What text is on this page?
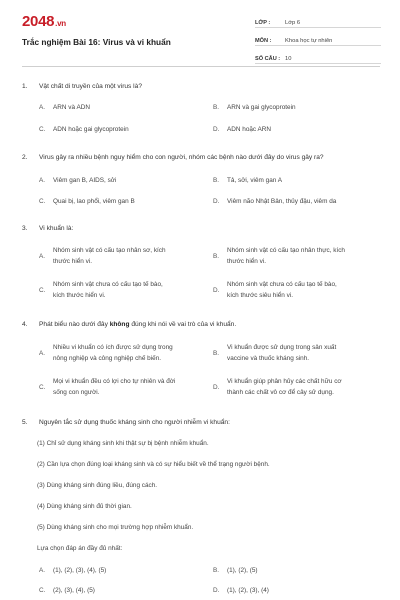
2048.vn
Trắc nghiệm Bài 16: Virus và vi khuẩn
LỚP :	Lớp 6
MÔN :	Khoa học tự nhiên
SỐ CÂU : 10
1. Vật chất di truyền của một virus là?
A. ARN và ADN	B. ARN và gai glycoprotein
C. ADN hoặc gai glycoprotein	D. ADN hoặc ARN
2. Virus gây ra nhiều bệnh nguy hiểm cho con người, nhóm các bệnh nào dưới đây do virus gây ra?
A. Viêm gan B, AIDS, sởi	B. Tả, sởi, viêm gan A
C. Quai bị, lao phổi, viêm gan B	D. Viêm não Nhật Bản, thủy đậu, viêm da
3. Vi khuẩn là:
A.
Nhóm sinh vật có cấu tạo nhân sơ, kích
thước hiển vi.
B.
Nhóm sinh vật có cấu tạo nhân thực, kích
thước hiển vi.
C.
Nhóm sinh vật chưa có cấu tạo tế bào,
kích thước hiển vi.
D.
Nhóm sinh vật chưa có cấu tạo tế bào,
kích thước siêu hiển vi.
4. Phát biểu nào dưới đây không đúng khi nói về vai trò của vi khuẩn.
A.
Nhiều vi khuẩn có ích được sử dụng trong
nông nghiệp và công nghiệp chế biến.
B.
Vi khuẩn được sử dụng trong sản xuất
vaccine và thuốc kháng sinh.
C.
Mọi vi khuẩn đều có lợi cho tự nhiên và đời
sống con người.
D.
Vi khuẩn giúp phân hủy các chất hữu cơ
thành các chất vô cơ để cây sử dụng.
5. Nguyên tắc sử dụng thuốc kháng sinh cho người nhiễm vi khuẩn:
(1) Chỉ sử dụng kháng sinh khi thật sự bị bệnh nhiễm khuẩn.
(2) Cần lựa chọn đúng loại kháng sinh và có sự hiểu biết về thể trạng người bệnh.
(3) Dùng kháng sinh đúng liều, đúng cách.
(4) Dùng kháng sinh đủ thời gian.
(5) Dùng kháng sinh cho mọi trường hợp nhiễm khuẩn.
Lựa chọn đáp án đầy đủ nhất:
A. (1), (2), (3), (4), (5)	B. (1), (2), (5)
C. (2), (3), (4), (5)	D. (1), (2), (3), (4)
